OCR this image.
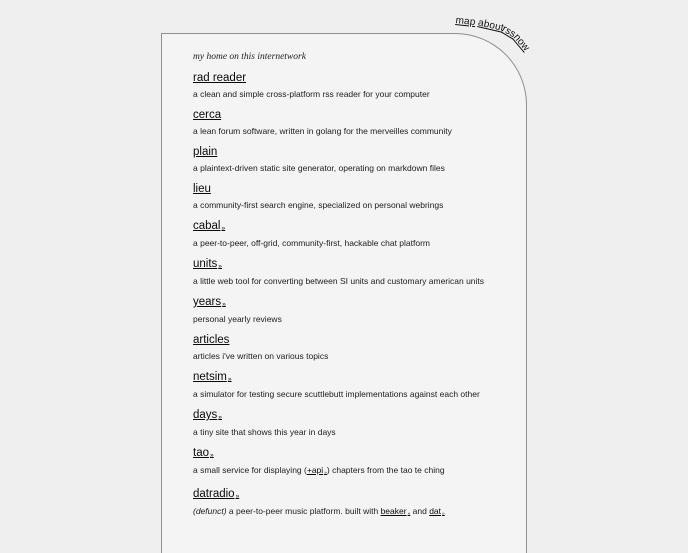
map about
rss
now

my home on this internetwork

rad reader

a clean and simple cross-platform rss reader for your computer

cerca

a lean forum software, written in golang for the merveilles community

plain

a plaintext-driven static site generator, operating on markdown files

lieu

a community-first search engine, specialized on personal webrings

cabal»

a peer-to-peer, off-grid, community-first, hackable chat platform

units»

a little web tool for converting between SI units and customary american units

years»

personal yearly reviews

articles

articles i've written on various topics

netsim»

a simulator for testing secure scuttlebutt implementations against each other

days»

a tiny site that shows this year in days

tao»

a small service for displaying (+api») chapters from the tao te ching

datradio»

(defunct) a peer-to-peer music platform. built with beaker» and dat»
